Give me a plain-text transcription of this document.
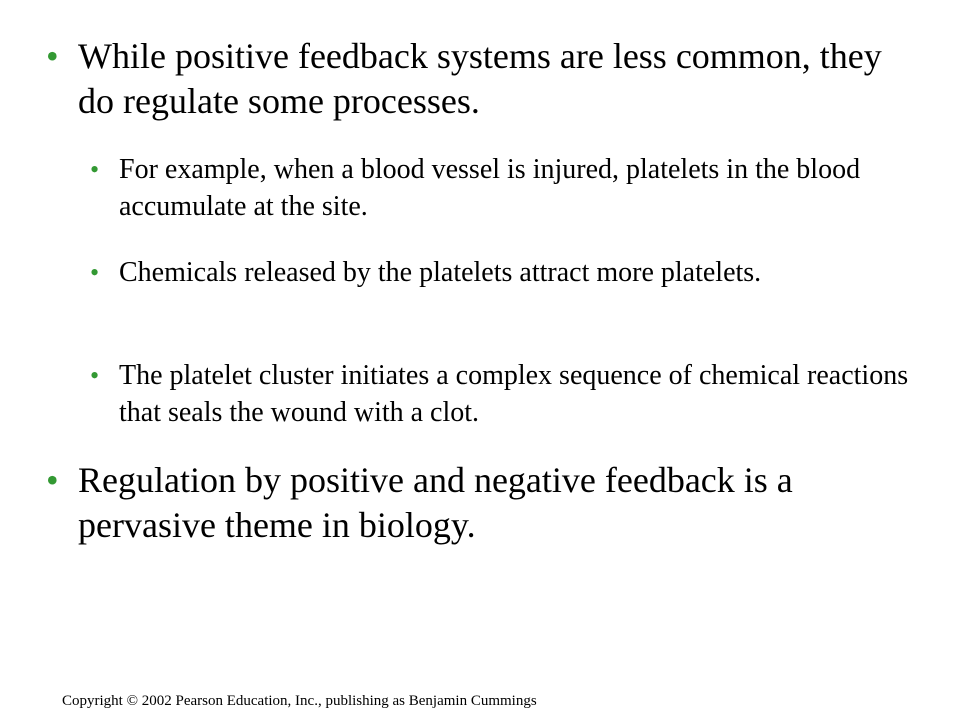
• While positive feedback systems are less common, they do regulate some processes.
• For example, when a blood vessel is injured, platelets in the blood accumulate at the site.
• Chemicals released by the platelets attract more platelets.
• The platelet cluster initiates a complex sequence of chemical reactions that seals the wound with a clot.
• Regulation by positive and negative feedback is a pervasive theme in biology.
Copyright © 2002 Pearson Education, Inc., publishing as Benjamin Cummings
